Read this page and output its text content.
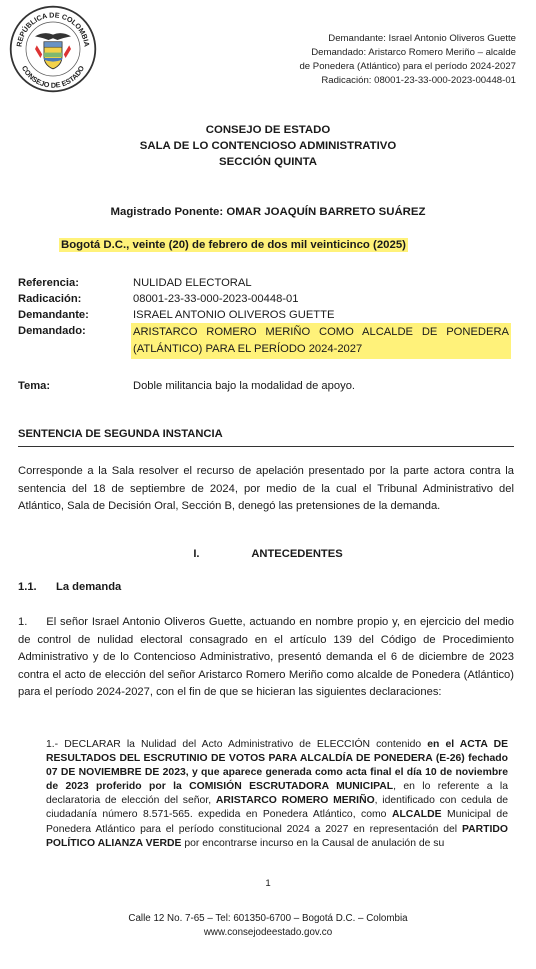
REPÚBLICA DE COLOMBIA
CONSEJO DE ESTADO
Demandante: Israel Antonio Oliveros Guette
Demandado: Aristarco Romero Meriño – alcalde
de Ponedera (Atlántico) para el período 2024-2027
Radicación: 08001-23-33-000-2023-00448-01
CONSEJO DE ESTADO
SALA DE LO CONTENCIOSO ADMINISTRATIVO
SECCIÓN QUINTA
Magistrado Ponente: OMAR JOAQUÍN BARRETO SUÁREZ
Bogotá D.C., veinte (20) de febrero de dos mil veinticinco (2025)
Referencia:	NULIDAD ELECTORAL
Radicación:	08001-23-33-000-2023-00448-01
Demandante:	ISRAEL ANTONIO OLIVEROS GUETTE
Demandado:	ARISTARCO ROMERO MERIÑO COMO ALCALDE DE PONEDERA (ATLÁNTICO) PARA EL PERÍODO 2024-2027
Tema:	Doble militancia bajo la modalidad de apoyo.
SENTENCIA DE SEGUNDA INSTANCIA
Corresponde a la Sala resolver el recurso de apelación presentado por la parte actora contra la sentencia del 18 de septiembre de 2024, por medio de la cual el Tribunal Administrativo del Atlántico, Sala de Decisión Oral, Sección B, denegó las pretensiones de la demanda.
I.	ANTECEDENTES
1.1. La demanda
1.     El señor Israel Antonio Oliveros Guette, actuando en nombre propio y, en ejercicio del medio de control de nulidad electoral consagrado en el artículo 139 del Código de Procedimiento Administrativo y de lo Contencioso Administrativo, presentó demanda el 6 de diciembre de 2023 contra el acto de elección del señor Aristarco Romero Meriño como alcalde de Ponedera (Atlántico) para el período 2024-2027, con el fin de que se hicieran las siguientes declaraciones:
1.- DECLARAR la Nulidad del Acto Administrativo de ELECCIÓN contenido en el ACTA DE RESULTADOS DEL ESCRUTINIO DE VOTOS PARA ALCALDÍA DE PONEDERA (E-26) fechado 07 DE NOVIEMBRE DE 2023, y que aparece generada como acta final el día 10 de noviembre de 2023 proferido por la COMISIÓN ESCRUTADORA MUNICIPAL, en lo referente a la declaratoria de elección del señor, ARISTARCO ROMERO MERIÑO, identificado con cedula de ciudadanía número 8.571-565. expedida en Ponedera Atlántico, como ALCALDE Municipal de Ponedera Atlántico para el período constitucional 2024 a 2027 en representación del PARTIDO POLÍTICO ALIANZA VERDE por encontrarse incurso en la Causal de anulación de su
1
Calle 12 No. 7-65 – Tel: 601350-6700 – Bogotá D.C. – Colombia
www.consejodeestado.gov.co
